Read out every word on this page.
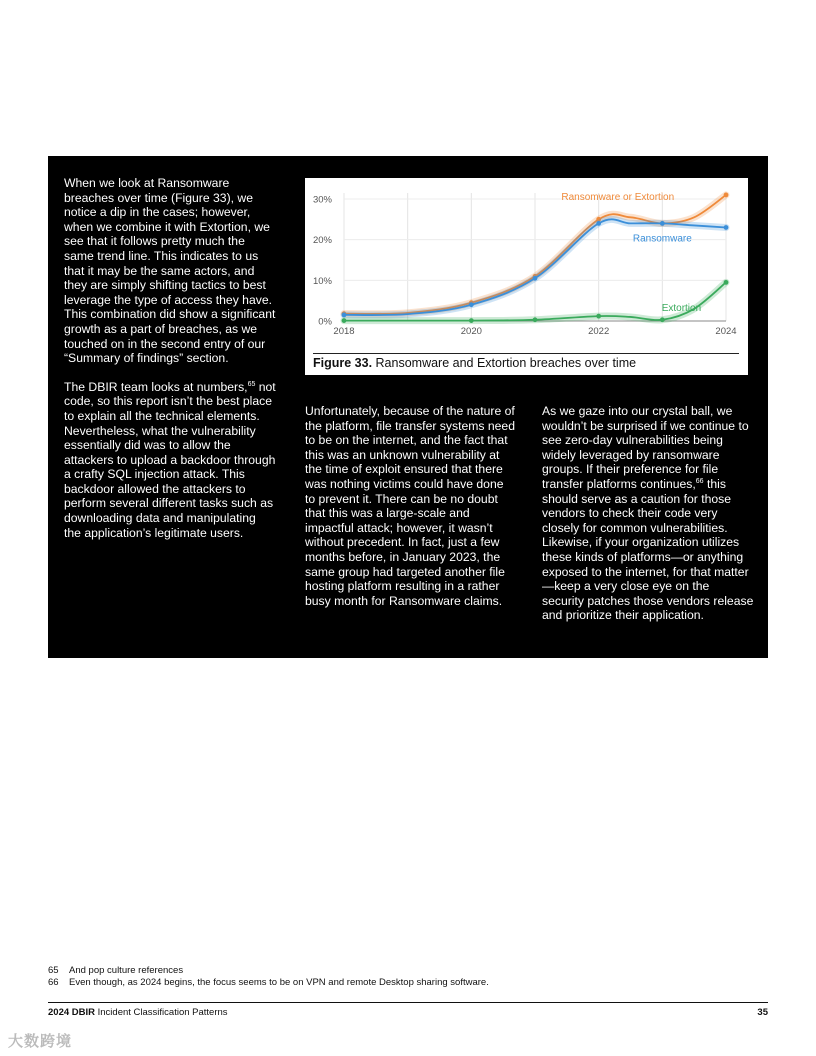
When we look at Ransomware breaches over time (Figure 33), we notice a dip in the cases; however, when we combine it with Extortion, we see that it follows pretty much the same trend line. This indicates to us that it may be the same actors, and they are simply shifting tactics to best leverage the type of access they have. This combination did show a significant growth as a part of breaches, as we touched on in the second entry of our “Summary of findings” section.

The DBIR team looks at numbers,$^{65}$ not code, so this report isn’t the best place to explain all the technical elements. Nevertheless, what the vulnerability essentially did was to allow the attackers to upload a backdoor through a crafty SQL injection attack. This backdoor allowed the attackers to perform several different tasks such as downloading data and manipulating the application’s legitimate users.

0%
10%
20%
30%
2018	2020	2022	2024
Ransomware or Extortion
Ransomware
Extortion
Figure 33. Ransomware and Extortion breaches over time

Unfortunately, because of the nature of the platform, file transfer systems need to be on the internet, and the fact that this was an unknown vulnerability at the time of exploit ensured that there was nothing victims could have done to prevent it. There can be no doubt that this was a large-scale and impactful attack; however, it wasn’t without precedent. In fact, just a few months before, in January 2023, the same group had targeted another file hosting platform resulting in a rather busy month for Ransomware claims.

As we gaze into our crystal ball, we wouldn’t be surprised if we continue to see zero-day vulnerabilities being widely leveraged by ransomware groups. If their preference for file transfer platforms continues,$^{66}$ this should serve as a caution for those vendors to check their code very closely for common vulnerabilities. Likewise, if your organization utilizes these kinds of platforms—or anything exposed to the internet, for that matter—keep a very close eye on the security patches those vendors release and prioritize their application.

65	And pop culture references
66	Even though, as 2024 begins, the focus seems to be on VPN and remote Desktop sharing software.
2024 DBIR Incident Classification Patterns	35
大数跨境
